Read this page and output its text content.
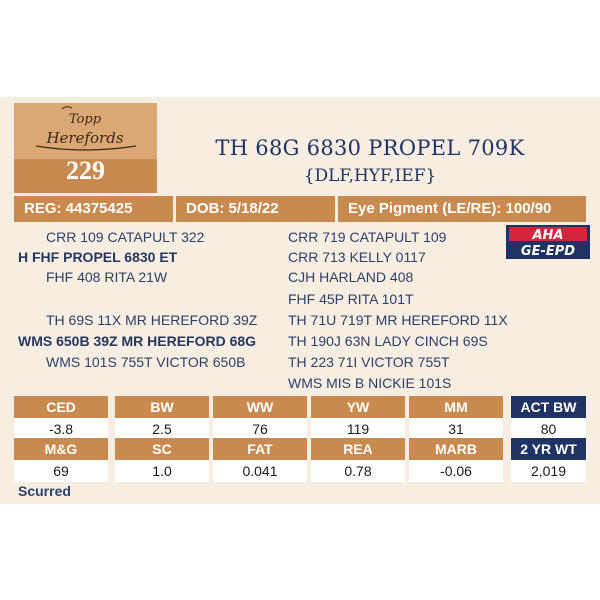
Topp
Herefords
229
TH 68G 6830 PROPEL 709K
{DLF,HYF,IEF}
REG: 44375425	DOB: 5/18/22	Eye Pigment (LE/RE): 100/90
CRR 109 CATAPULT 322
H FHF PROPEL 6830 ET
FHF 408 RITA 21W
TH 69S 11X MR HEREFORD 39Z
WMS 650B 39Z MR HEREFORD 68G
WMS 101S 755T VICTOR 650B
CRR 719 CATAPULT 109
CRR 713 KELLY 0117
CJH HARLAND 408
FHF 45P RITA 101T
TH 71U 719T MR HEREFORD 11X
TH 190J 63N LADY CINCH 69S
TH 223 71I VICTOR 755T
WMS MIS B NICKIE 101S
AHA
GE-EPD
CED	BW	WW	YW	MM	ACT BW
-3.8	2.5	76	119	31	80
M&G	SC	FAT	REA	MARB	2 YR WT
69	1.0	0.041	0.78	-0.06	2,019
Scurred
